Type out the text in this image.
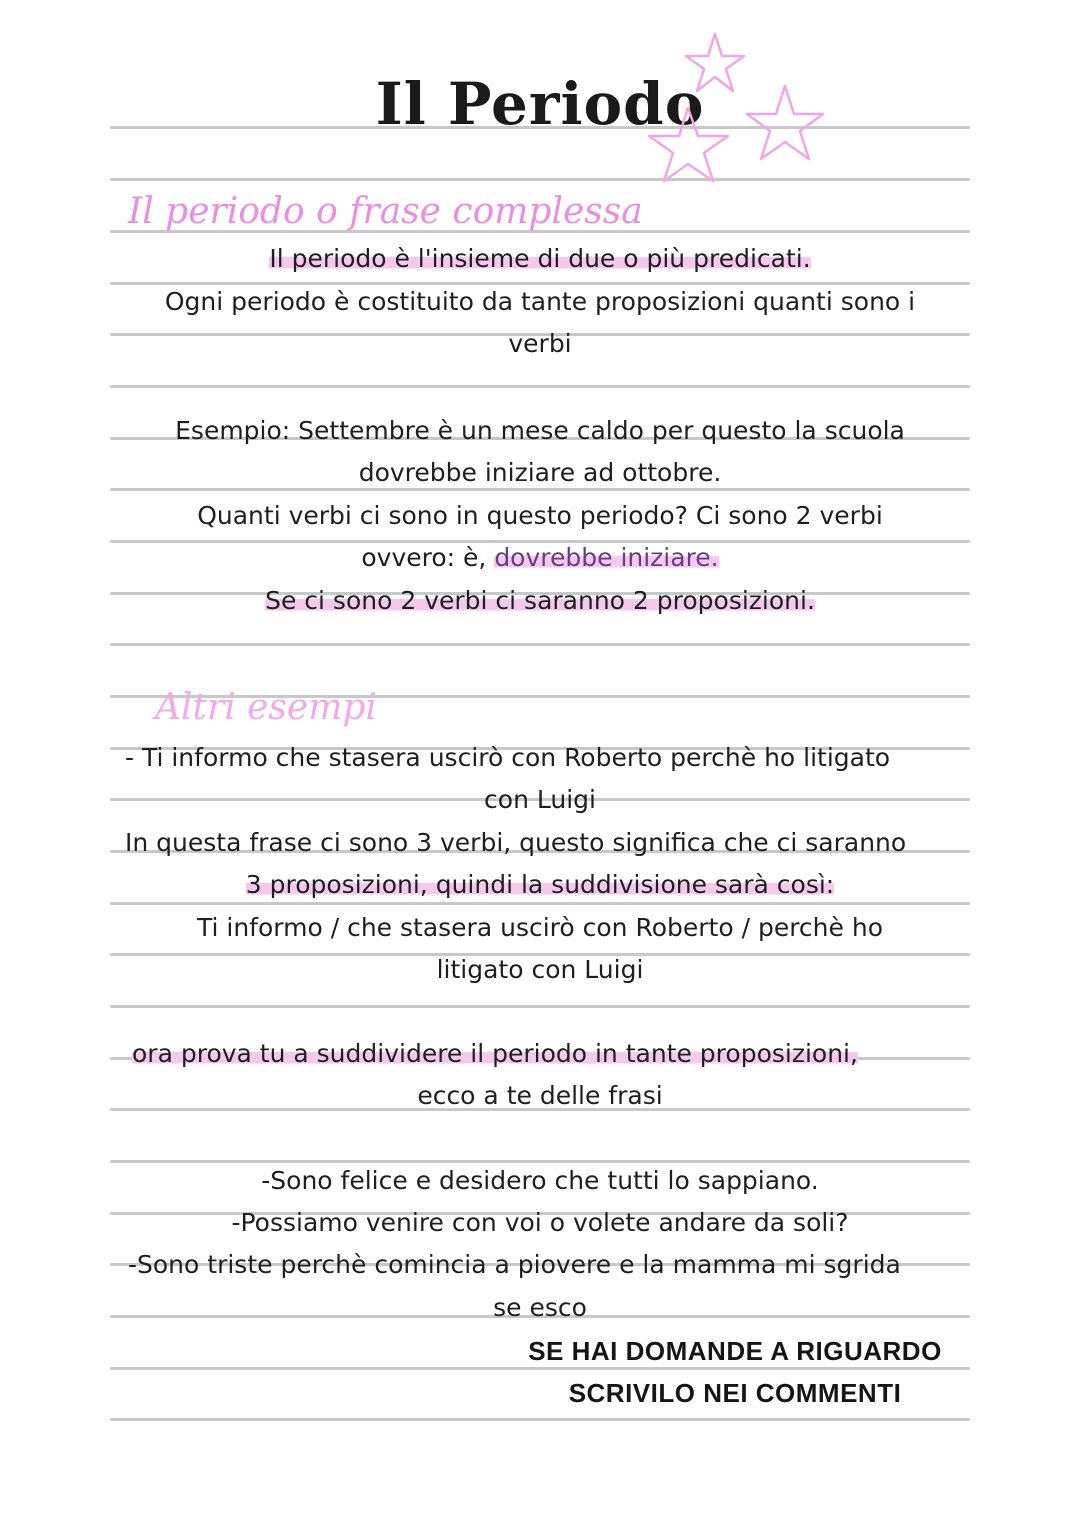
Il Periodo
Il periodo o frase complessa
Il periodo è l'insieme di due o più predicati.
Ogni periodo è costituito da tante proposizioni quanti sono i
verbi
Esempio: Settembre è un mese caldo per questo la scuola
dovrebbe iniziare ad ottobre.
Quanti verbi ci sono in questo periodo? Ci sono 2 verbi
ovvero: è, dovrebbe iniziare.
Se ci sono 2 verbi ci saranno 2 proposizioni.
Altri esempi
- Ti informo che stasera uscirò con Roberto perchè ho litigato
con Luigi
In questa frase ci sono 3 verbi, questo significa che ci saranno
3 proposizioni, quindi la suddivisione sarà così:
Ti informo / che stasera uscirò con Roberto / perchè ho
litigato con Luigi
ora prova tu a suddividere il periodo in tante proposizioni,
ecco a te delle frasi
-Sono felice e desidero che tutti lo sappiano.
-Possiamo venire con voi o volete andare da soli?
-Sono triste perchè comincia a piovere e la mamma mi sgrida
se esco
SE HAI DOMANDE A RIGUARDO
SCRIVILO NEI COMMENTI
